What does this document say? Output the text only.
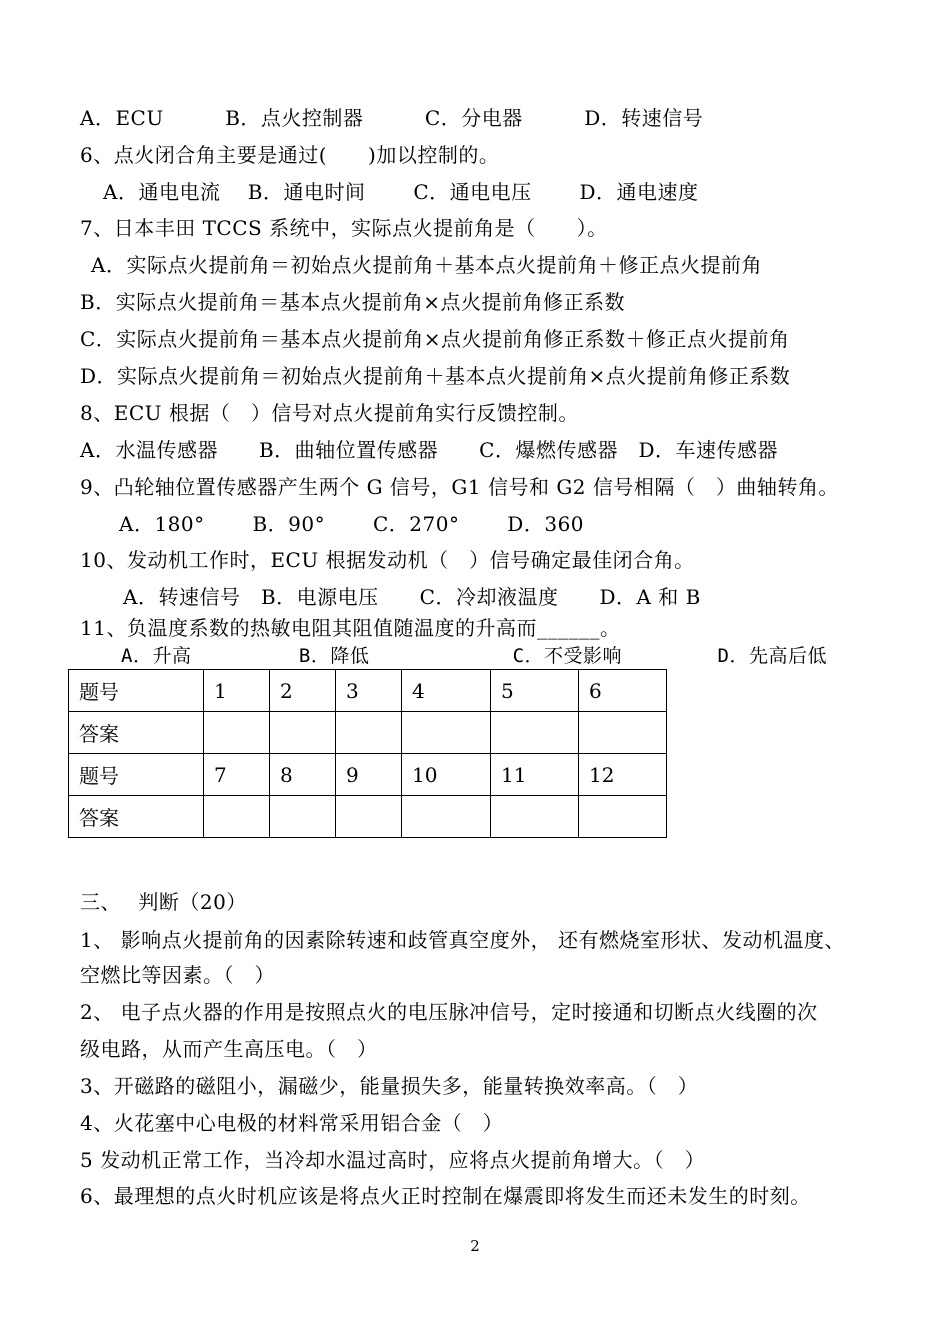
A．ECU　　　B．点火控制器　　　C．分电器　　　D．转速信号
6、点火闭合角主要是通过(　　)加以控制的。
A．通电电流　 B．通电时间　　 C．通电电压　　 D．通电速度
7、日本丰田 TCCS 系统中，实际点火提前角是（　　）。
A．实际点火提前角＝初始点火提前角＋基本点火提前角＋修正点火提前角
B．实际点火提前角＝基本点火提前角×点火提前角修正系数
C．实际点火提前角＝基本点火提前角×点火提前角修正系数＋修正点火提前角
D．实际点火提前角＝初始点火提前角＋基本点火提前角×点火提前角修正系数
8、ECU 根据（　）信号对点火提前角实行反馈控制。
A．水温传感器　　B．曲轴位置传感器　　C．爆燃传感器　D．车速传感器
9、凸轮轴位置传感器产生两个 G 信号，G1 信号和 G2 信号相隔（　）曲轴转角。
A．180°　　 B．90°　　 C．270°　　 D．360
10、发动机工作时，ECU 根据发动机（　）信号确定最佳闭合角。
A．转速信号　B．电源电压　　C．冷却液温度　　D．A 和 B
11、负温度系数的热敏电阻其阻值随温度的升高而______。
A．升高         B．降低            C．不受影响        D．先高后低
题号	1	2	3	4	5	6
答案						
题号	7	8	9	10	11	12
答案						
三、　 判断（20）
1、 影响点火提前角的因素除转速和歧管真空度外， 还有燃烧室形状、发动机温度、
空燃比等因素。（　）
2、 电子点火器的作用是按照点火的电压脉冲信号，定时接通和切断点火线圈的次
级电路，从而产生高压电。（　）
3、开磁路的磁阻小，漏磁少，能量损失多，能量转换效率高。（　）
4、火花塞中心电极的材料常采用铝合金（　）
5 发动机正常工作，当冷却水温过高时，应将点火提前角增大。（　）
6、最理想的点火时机应该是将点火正时控制在爆震即将发生而还未发生的时刻。
2
